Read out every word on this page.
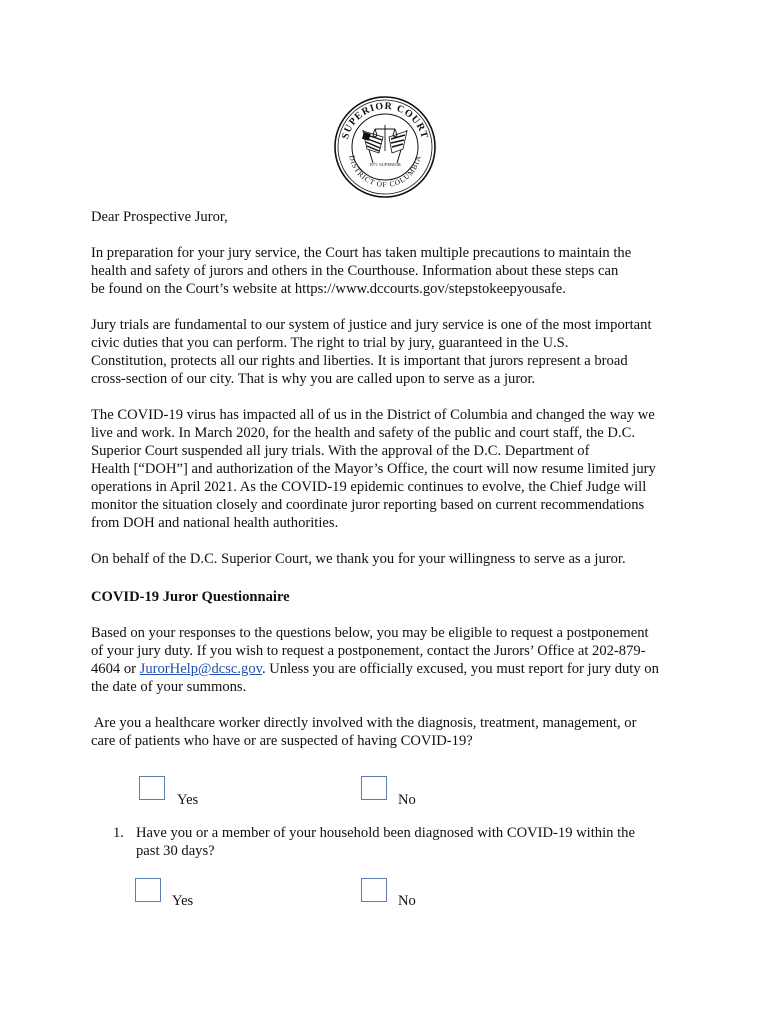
SUPERIOR COURT
DISTRICT OF COLUMBIA
1971 SUPERIOR

Dear Prospective Juror,

In preparation for your jury service, the Court has taken multiple precautions to maintain the
health and safety of jurors and others in the Courthouse. Information about these steps can
be found on the Court’s website at https://www.dccourts.gov/stepstokeepyousafe.
Jury trials are fundamental to our system of justice and jury service is one of the most important
civic duties that you can perform. The right to trial by jury, guaranteed in the U.S.
Constitution, protects all our rights and liberties. It is important that jurors represent a broad
cross-section of our city. That is why you are called upon to serve as a juror.
The COVID-19 virus has impacted all of us in the District of Columbia and changed the way we
live and work. In March 2020, for the health and safety of the public and court staff, the D.C.
Superior Court suspended all jury trials. With the approval of the D.C. Department of
Health [“DOH”] and authorization of the Mayor’s Office, the court will now resume limited jury
operations in April 2021. As the COVID-19 epidemic continues to evolve, the Chief Judge will
monitor the situation closely and coordinate juror reporting based on current recommendations
from DOH and national health authorities.

On behalf of the D.C. Superior Court, we thank you for your willingness to serve as a juror.

COVID-19 Juror Questionnaire

Based on your responses to the questions below, you may be eligible to request a postponement
of your jury duty. If you wish to request a postponement, contact the Jurors’ Office at 202-879-
4604 or JurorHelp@dcsc.gov. Unless you are officially excused, you must report for jury duty on
the date of your summons.
Are you a healthcare worker directly involved with the diagnosis, treatment, management, or
care of patients who have or are suspected of having COVID-19?
Yes	No
1. Have you or a member of your household been diagnosed with COVID-19 within the
past 30 days?
Yes	No
